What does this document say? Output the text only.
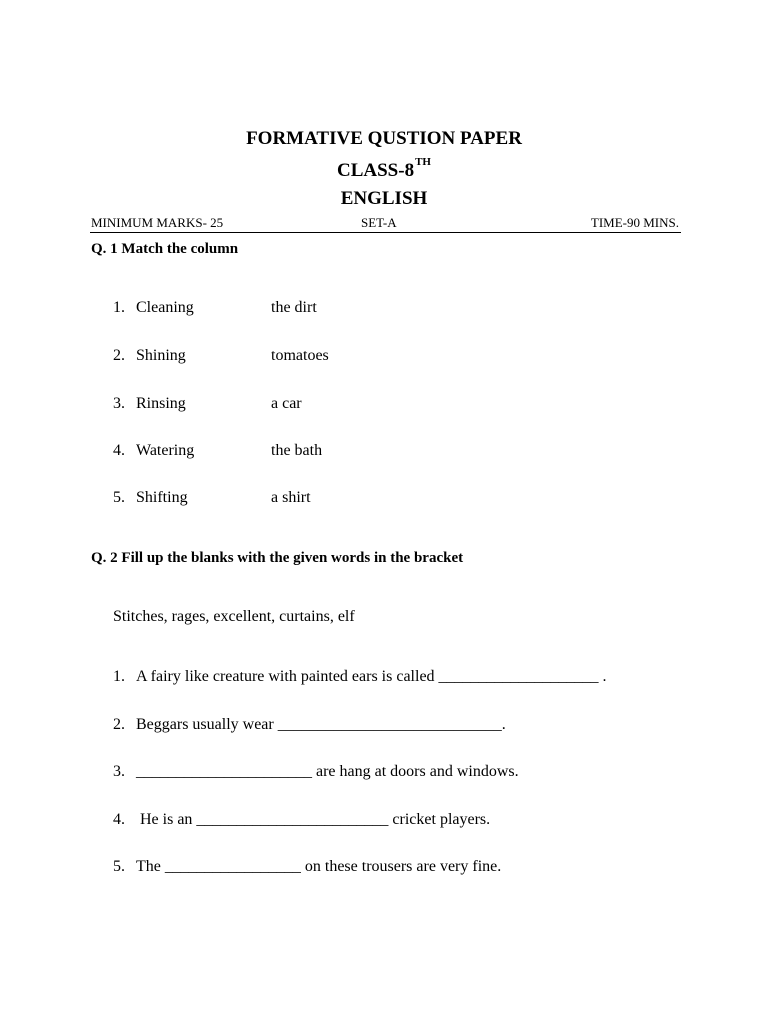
FORMATIVE QUSTION PAPER
CLASS-8TH
ENGLISH
MINIMUM MARKS- 25	SET-A	TIME-90 MINS.
Q. 1 Match the column
1. Cleaning	the dirt
2. Shining	tomatoes
3. Rinsing	a car
4. Watering	the bath
5. Shifting	a shirt
Q. 2 Fill up the blanks with the given words in the bracket
Stitches, rages, excellent, curtains, elf
1. A fairy like creature with painted ears is called ____________________ .
2. Beggars usually wear ____________________________.
3. ______________________ are hang at doors and windows.
4. He is an ________________________ cricket players.
5. The _________________ on these trousers are very fine.
